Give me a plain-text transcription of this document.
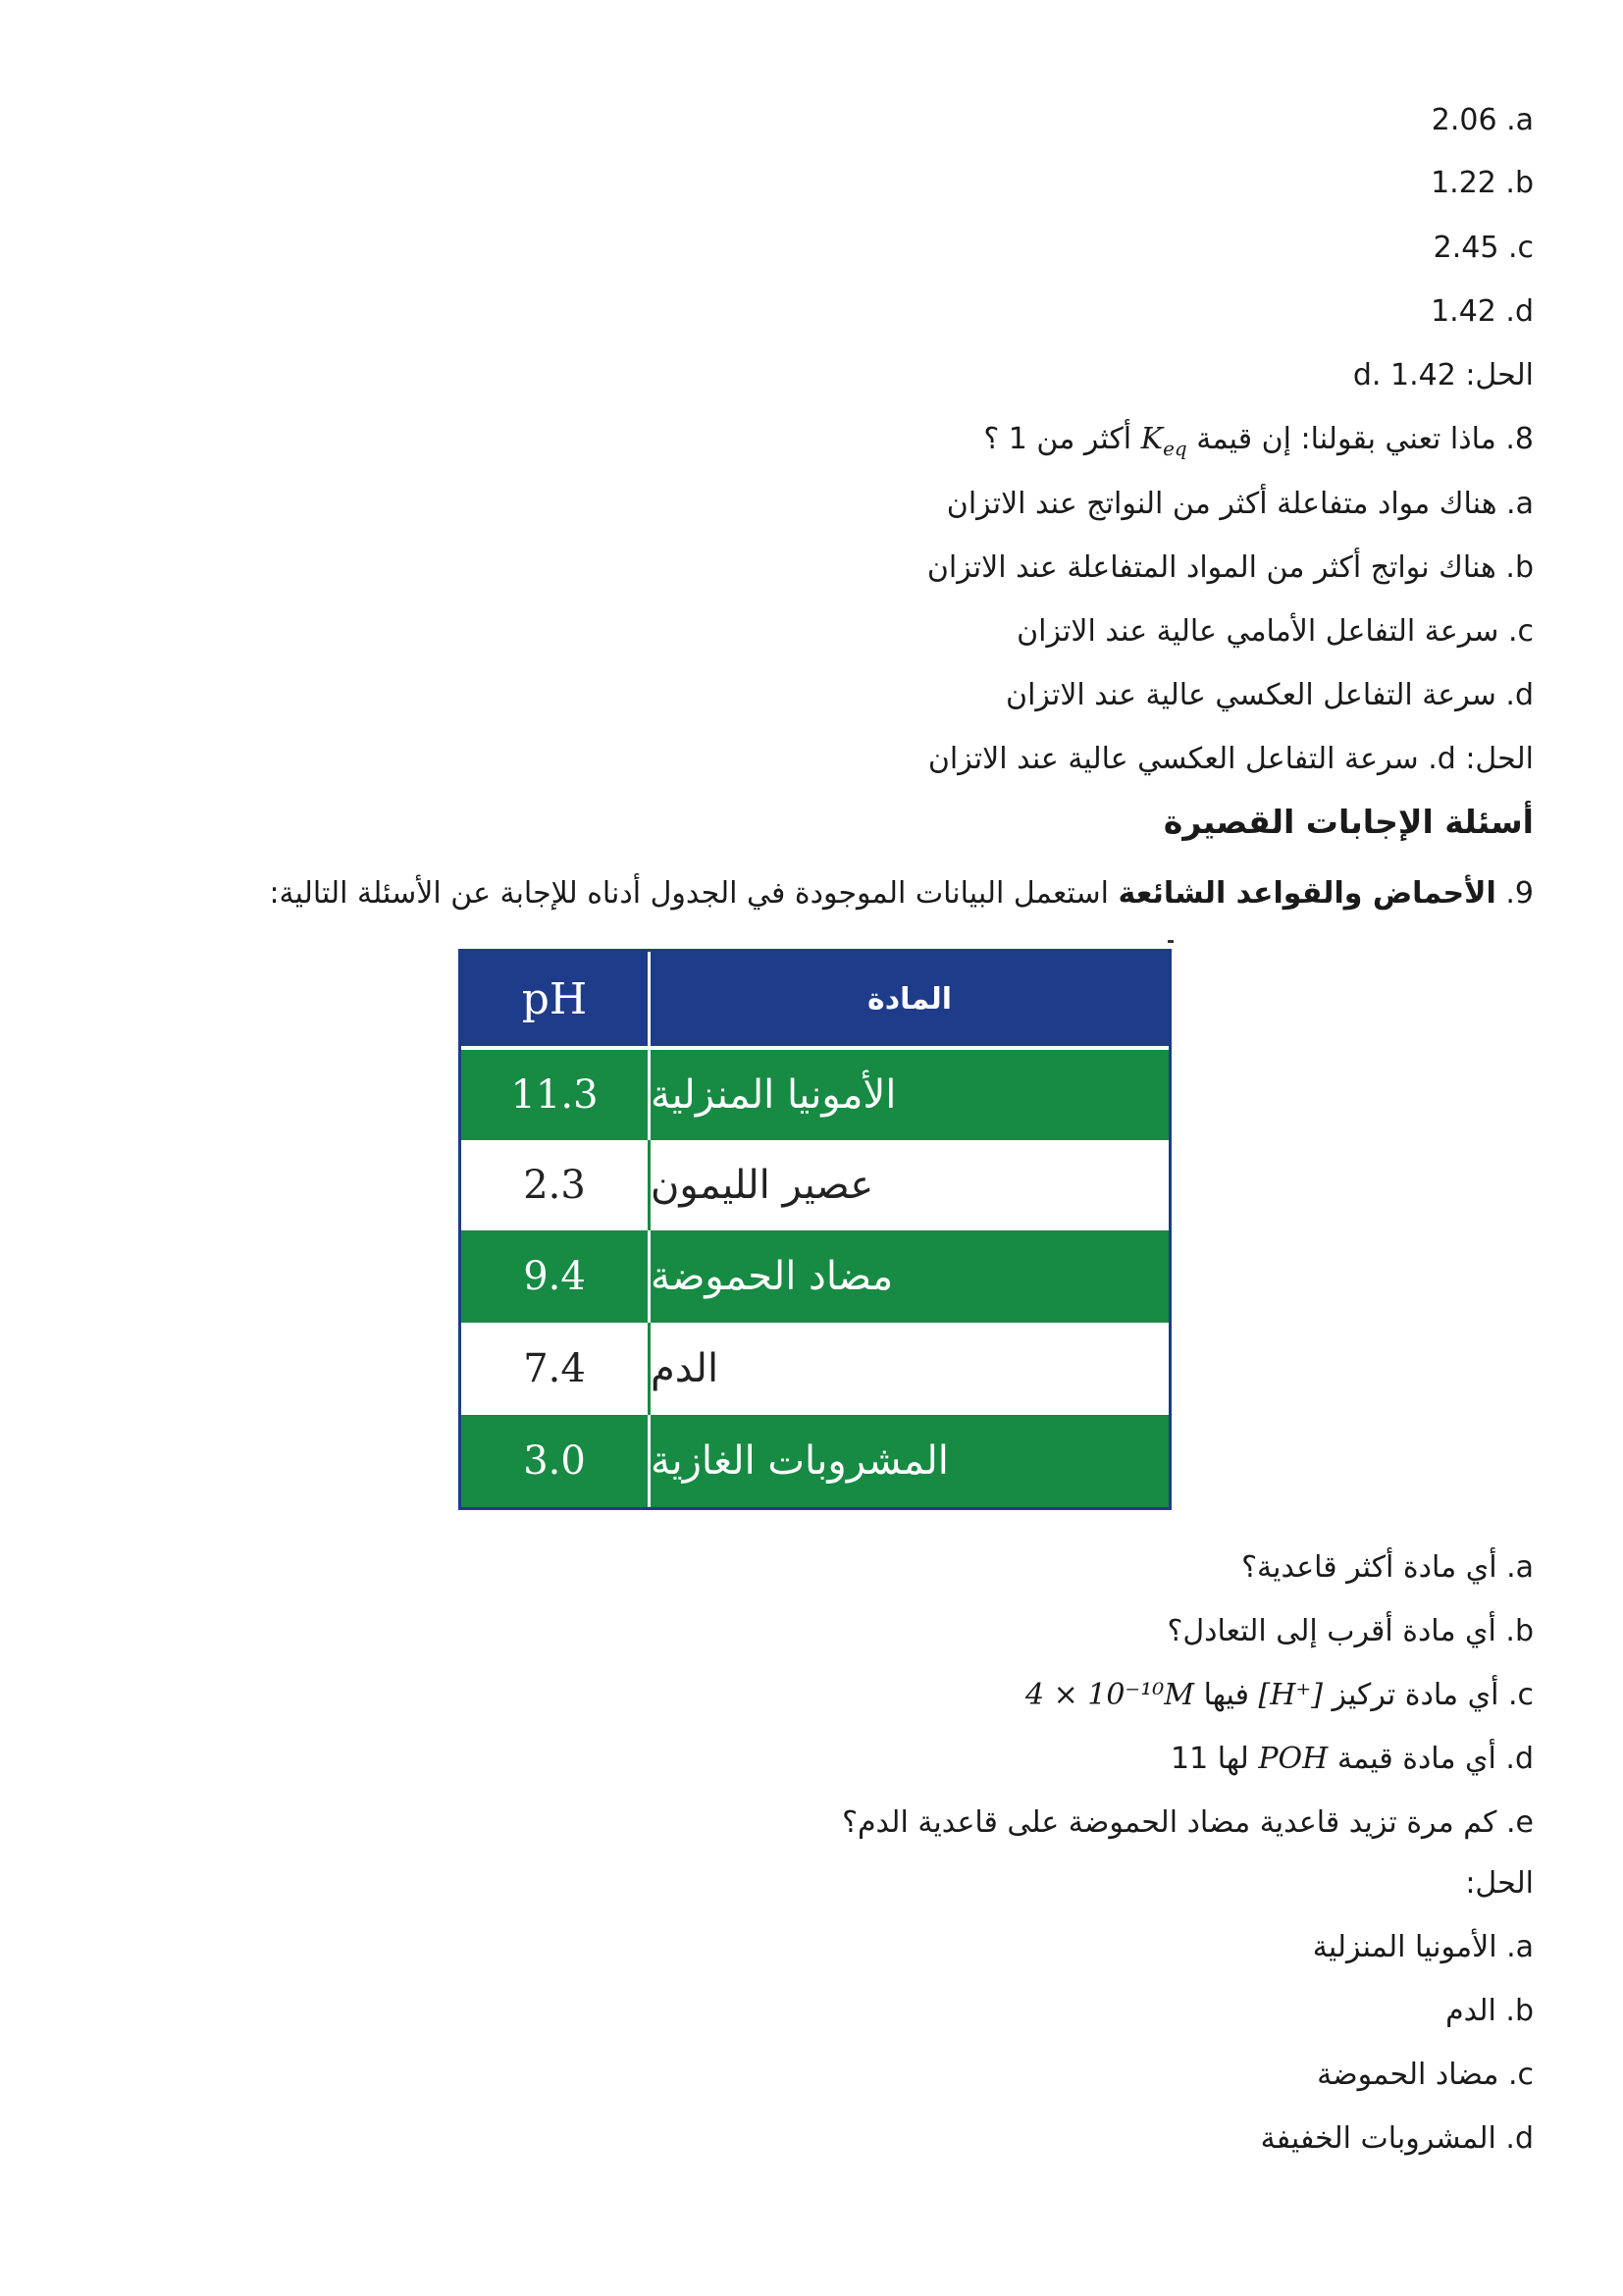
2.06 .a
1.22 .b
2.45 .c
1.42 .d
الحل: 1.42 .d
8. ماذا تعني بقولنا: إن قيمة $K_{eq}$ أكثر من 1 ؟
a. هناك مواد متفاعلة أكثر من النواتج عند الاتزان
b. هناك نواتج أكثر من المواد المتفاعلة عند الاتزان
c. سرعة التفاعل الأمامي عالية عند الاتزان
d. سرعة التفاعل العكسي عالية عند الاتزان
الحل: d. سرعة التفاعل العكسي عالية عند الاتزان
أسئلة الإجابات القصيرة
9. الأحماض والقواعد الشائعة استعمل البيانات الموجودة في الجدول أدناه للإجابة عن الأسئلة التالية:
pH	المادة
11.3	الأمونيا المنزلية
2.3	عصير الليمون
9.4	مضاد الحموضة
7.4	الدم
3.0	المشروبات الغازية
a. أي مادة أكثر قاعدية؟
b. أي مادة أقرب إلى التعادل؟
c. أي مادة تركيز [H⁺] فيها 4 × 10⁻¹⁰M
d. أي مادة قيمة POH لها 11
e. كم مرة تزيد قاعدية مضاد الحموضة على قاعدية الدم؟
الحل:
a. الأمونيا المنزلية
b. الدم
c. مضاد الحموضة
d. المشروبات الخفيفة
